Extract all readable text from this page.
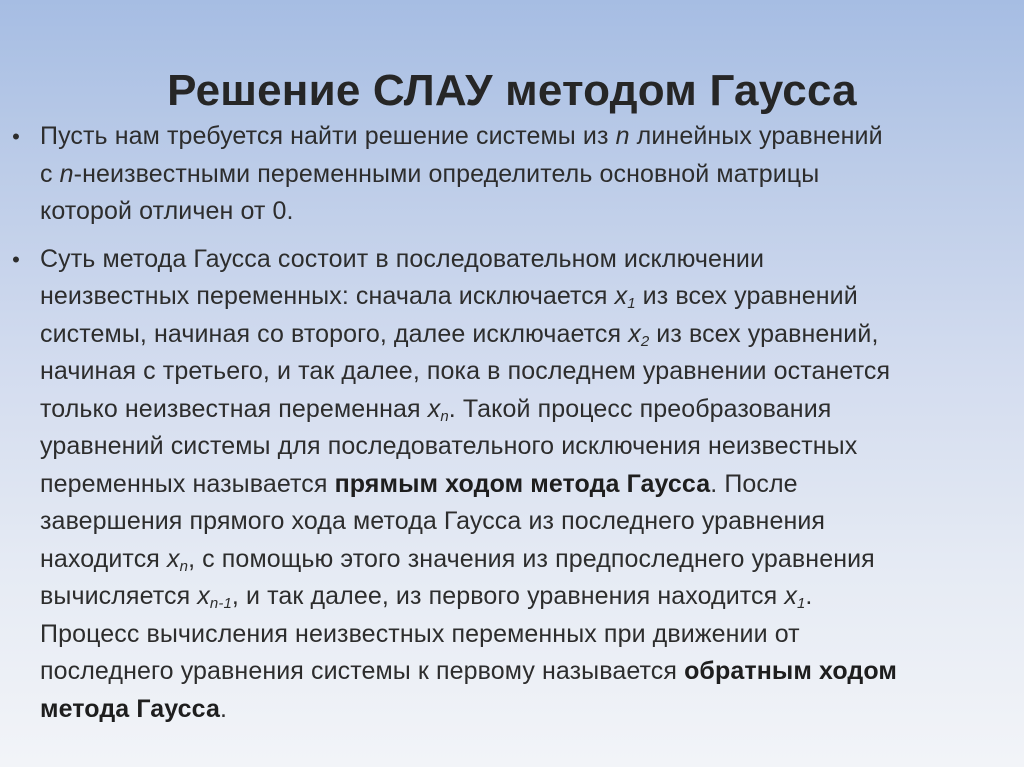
Решение СЛАУ методом Гаусса
• Пусть нам требуется найти решение системы из n линейных уравнений
с n-неизвестными переменными определитель основной матрицы
которой отличен от 0.
• Суть метода Гаусса состоит в последовательном исключении
неизвестных переменных: сначала исключается $x_1$ из всех уравнений
системы, начиная со второго, далее исключается $x_2$ из всех уравнений,
начиная с третьего, и так далее, пока в последнем уравнении останется
только неизвестная переменная $x_n$. Такой процесс преобразования
уравнений системы для последовательного исключения неизвестных
переменных называется прямым ходом метода Гаусса. После
завершения прямого хода метода Гаусса из последнего уравнения
находится $x_n$, с помощью этого значения из предпоследнего уравнения
вычисляется $x_{n-1}$, и так далее, из первого уравнения находится $x_1$.
Процесс вычисления неизвестных переменных при движении от
последнего уравнения системы к первому называется обратным ходом
метода Гаусса.
